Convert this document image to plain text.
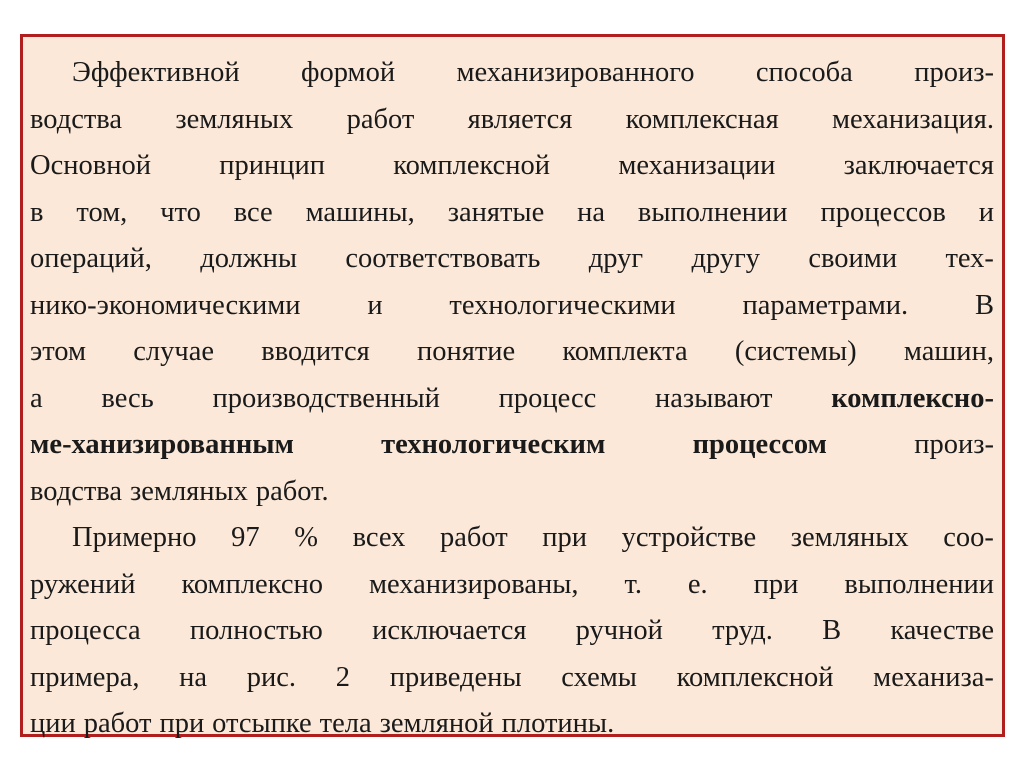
Эффективной формой механизированного способа произ-
водства земляных работ является комплексная механизация.
Основной принцип комплексной механизации заключается
в том, что все машины, занятые на выполнении процессов и
операций, должны соответствовать друг другу своими тех-
нико-экономическими и технологическими параметрами. В
этом случае вводится понятие комплекта (системы) машин,
а весь производственный процесс называют комплексно-
ме-ханизированным	технологическим	процессом	произ-
водства земляных работ.
Примерно 97 % всех работ при устройстве земляных соо-
ружений комплексно механизированы, т. е. при выполнении
процесса полностью исключается ручной труд. В качестве
примера, на рис. 2 приведены схемы комплексной механиза-
ции работ при отсыпке тела земляной плотины.
